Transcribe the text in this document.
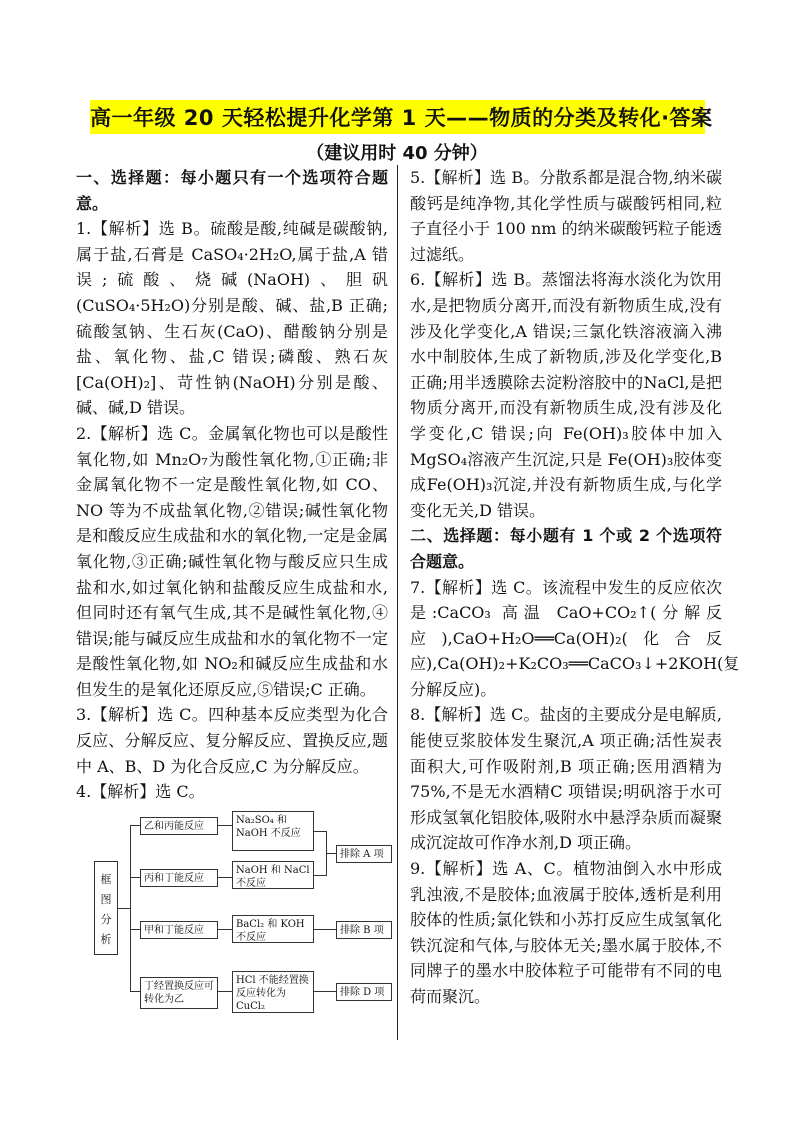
高一年级 20 天轻松提升化学第 1 天——物质的分类及转化·答案
（建议用时 40 分钟）

一、选择题：每小题只有一个选项符合题意。

1.【解析】选 B。硫酸是酸,纯碱是碳酸钠,属于盐,石膏是 CaSO₄·2H₂O,属于盐,A 错误;硫酸、烧碱(NaOH)、胆矾(CuSO₄·5H₂O)分别是酸、碱、盐,B 正确;硫酸氢钠、生石灰(CaO)、醋酸钠分别是盐、氧化物、盐,C 错误;磷酸、熟石灰[Ca(OH)₂]、苛性钠(NaOH)分别是酸、碱、碱,D 错误。

2.【解析】选 C。金属氧化物也可以是酸性氧化物,如 Mn₂O₇为酸性氧化物,①正确;非金属氧化物不一定是酸性氧化物,如 CO、NO 等为不成盐氧化物,②错误;碱性氧化物是和酸反应生成盐和水的氧化物,一定是金属氧化物,③正确;碱性氧化物与酸反应只生成盐和水,如过氧化钠和盐酸反应生成盐和水,但同时还有氧气生成,其不是碱性氧化物,④错误;能与碱反应生成盐和水的氧化物不一定是酸性氧化物,如 NO₂和碱反应生成盐和水但发生的是氧化还原反应,⑤错误;C 正确。

3.【解析】选 C。四种基本反应类型为化合反应、分解反应、复分解反应、置换反应,题中 A、B、D 为化合反应,C 为分解反应。

4.【解析】选 C。

框图分析
乙和丙能反应
丙和丁能反应
甲和丁能反应
丁经置换反应可转化为乙
Na₂SO₄ 和 NaOH 不反应
NaOH 和 NaCl 不反应
BaCl₂ 和 KOH 不反应
HCl 不能经置换反应转化为 CuCl₂
排除 A 项
排除 B 项
排除 D 项

5.【解析】选 B。分散系都是混合物,纳米碳酸钙是纯净物,其化学性质与碳酸钙相同,粒子直径小于 100 nm 的纳米碳酸钙粒子能透过滤纸。

6.【解析】选 B。蒸馏法将海水淡化为饮用水,是把物质分离开,而没有新物质生成,没有涉及化学变化,A 错误;三氯化铁溶液滴入沸水中制胶体,生成了新物质,涉及化学变化,B 正确;用半透膜除去淀粉溶胶中的NaCl,是把物质分离开,而没有新物质生成,没有涉及化学变化,C 错误;向 Fe(OH)₃胶体中加入 MgSO₄溶液产生沉淀,只是 Fe(OH)₃胶体变成Fe(OH)₃沉淀,并没有新物质生成,与化学变化无关,D 错误。

二、选择题：每小题有 1 个或 2 个选项符合题意。

7.【解析】选 C。该流程中发生的反应依次是:CaCO₃ 高温 CaO+CO₂↑(分解反应),CaO+H₂O══Ca(OH)₂(化合反应),Ca(OH)₂+K₂CO₃══CaCO₃↓+2KOH(复分解反应)。

8.【解析】选 C。盐卤的主要成分是电解质,能使豆浆胶体发生聚沉,A 项正确;活性炭表面积大,可作吸附剂,B 项正确;医用酒精为75%,不是无水酒精C 项错误;明矾溶于水可形成氢氧化铝胶体,吸附水中悬浮杂质而凝聚成沉淀故可作净水剂,D 项正确。

9.【解析】选 A、C。植物油倒入水中形成乳浊液,不是胶体;血液属于胶体,透析是利用胶体的性质;氯化铁和小苏打反应生成氢氧化铁沉淀和气体,与胶体无关;墨水属于胶体,不同牌子的墨水中胶体粒子可能带有不同的电荷而聚沉。
